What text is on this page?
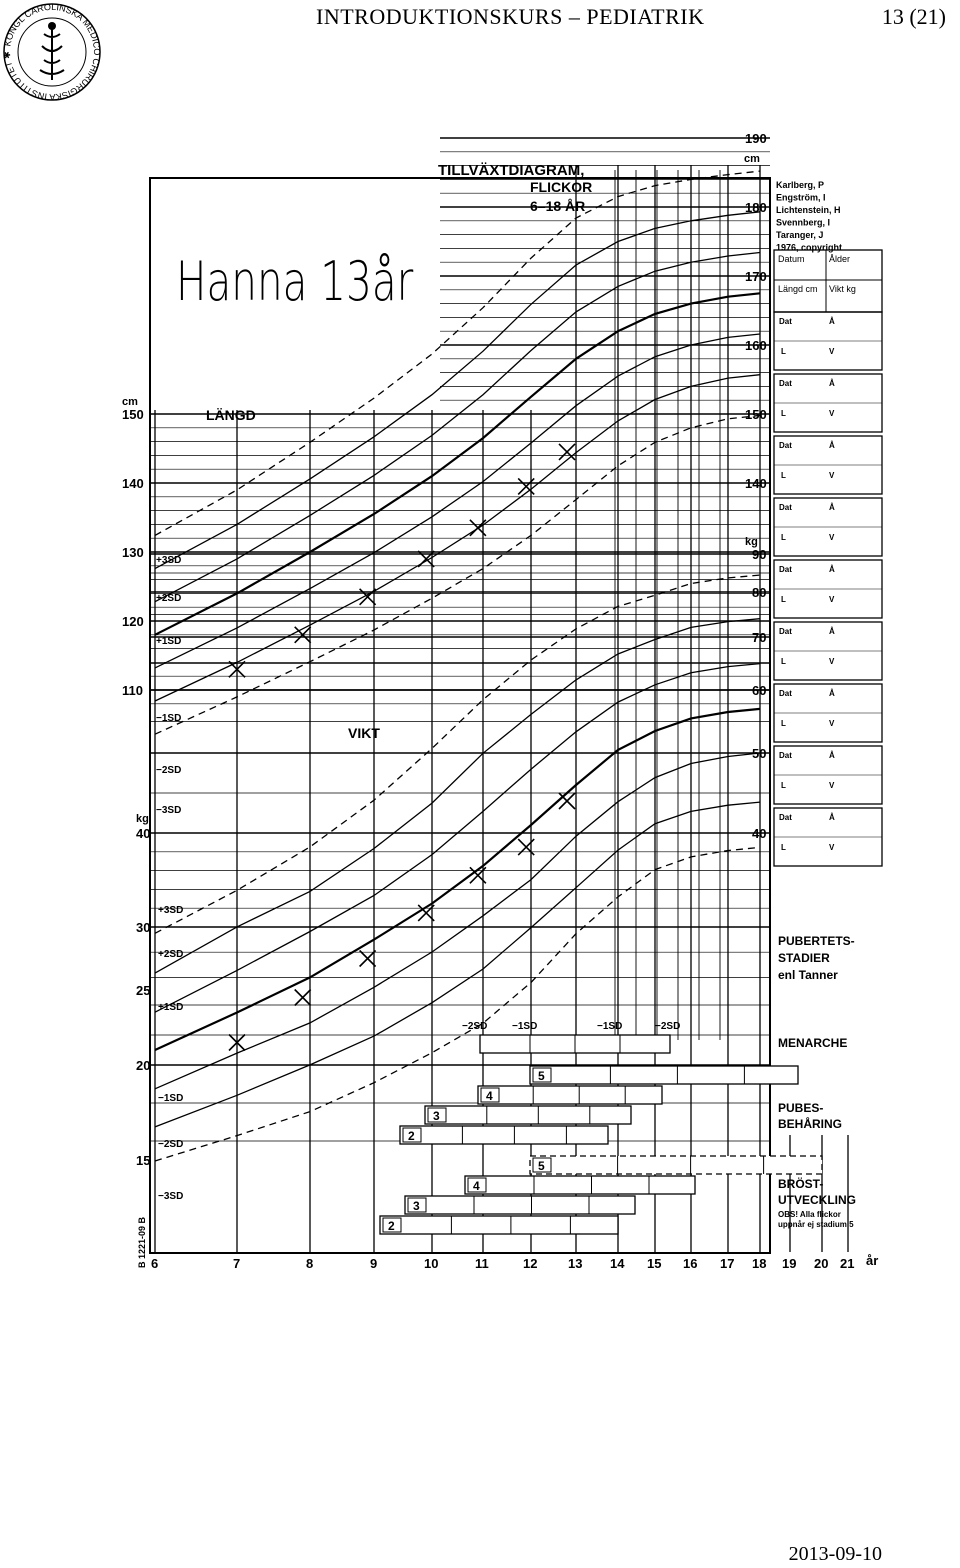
KONGL CAROLINSKA MEDICO CHIRURGISKA INSTITUTET ✱
INTRODUKTIONSKURS – PEDIATRIK	13 (21)
TILLVÄXTDIAGRAM,
FLICKOR
6–18 ÅR
LÄNGD
VIKT
cm
cm
kg
kg
år
B 1221-09 B 6	7	8	9	10	11	12 13 14 15 16 17 18 19 20 21
150
140
130
120
110
190
180
170
160
150
140
40
30
25
20
15
90
80
70
60
50
40
+3SD
+2SD
+1SD
−1SD
−2SD
−3SD
+3SD
+2SD
+1SD
−1SD
−2SD
−3SD
Karlberg, P
Engström, I
Lichtenstein, H
Svennberg, I
Taranger, J
1976, copyright
Datum	Ålder
Längd cm Vikt kg
Dat	Å
L	V
Dat	Å
L	V
Dat	Å
L	V
Dat	Å
L	V
Dat	Å
L	V
Dat	Å
L	V
Dat	Å
L	V
Dat	Å
L	V
Dat	Å
L	V
PUBERTETS-
STADIER
enl Tanner
MENARCHE
PUBES-
BEHÅRING
BRÖST-
UTVECKLING
OBS! Alla flickor
uppnår ej stadium 5
−2SD −1SD	−1SD	−2SD
5
4
3
2
5
4
3
2
Hanna 13år
2013-09-10
